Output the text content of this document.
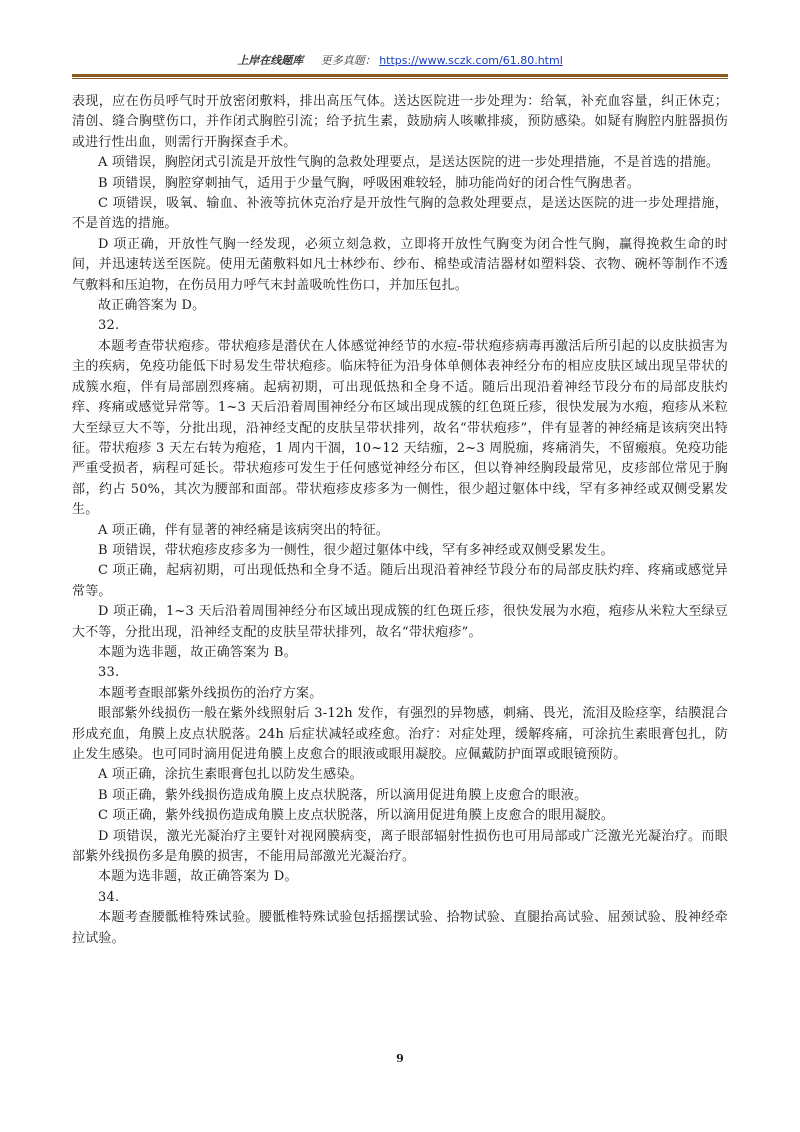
上岸在线题库 更多真题： https://www.sczk.com/61.80.html

表现，应在伤员呼气时开放密闭敷料，排出高压气体。送达医院进一步处理为：给氧，补充血容量，纠正休克；清创、缝合胸壁伤口，并作闭式胸腔引流；给予抗生素，鼓励病人咳嗽排痰，预防感染。如疑有胸腔内脏器损伤或进行性出血，则需行开胸探查手术。

A 项错误，胸腔闭式引流是开放性气胸的急救处理要点，是送达医院的进一步处理措施，不是首选的措施。

B 项错误，胸腔穿刺抽气，适用于少量气胸，呼吸困难较轻，肺功能尚好的闭合性气胸患者。

C 项错误，吸氧、输血、补液等抗休克治疗是开放性气胸的急救处理要点，是送达医院的进一步处理措施，不是首选的措施。

D 项正确，开放性气胸一经发现，必须立刻急救，立即将开放性气胸变为闭合性气胸，赢得挽救生命的时间，并迅速转送至医院。使用无菌敷料如凡士林纱布、纱布、棉垫或清洁器材如塑料袋、衣物、碗杯等制作不透气敷料和压迫物，在伤员用力呼气末封盖吸吮性伤口，并加压包扎。

故正确答案为 D。

32.

本题考查带状疱疹。带状疱疹是潜伏在人体感觉神经节的水痘-带状疱疹病毒再激活后所引起的以皮肤损害为主的疾病，免疫功能低下时易发生带状疱疹。临床特征为沿身体单侧体表神经分布的相应皮肤区域出现呈带状的成簇水疱，伴有局部剧烈疼痛。起病初期，可出现低热和全身不适。随后出现沿着神经节段分布的局部皮肤灼痒、疼痛或感觉异常等。1~3 天后沿着周围神经分布区域出现成簇的红色斑丘疹，很快发展为水疱，疱疹从米粒大至绿豆大不等，分批出现，沿神经支配的皮肤呈带状排列，故名“带状疱疹”，伴有显著的神经痛是该病突出特征。带状疱疹 3 天左右转为疱疮，1 周内干涸，10~12 天结痂，2~3 周脱痂，疼痛消失，不留瘢痕。免疫功能严重受损者，病程可延长。带状疱疹可发生于任何感觉神经分布区，但以脊神经胸段最常见，皮疹部位常见于胸部，约占 50%，其次为腰部和面部。带状疱疹皮疹多为一侧性，很少超过躯体中线，罕有多神经或双侧受累发生。

A 项正确，伴有显著的神经痛是该病突出的特征。

B 项错误，带状疱疹皮疹多为一侧性，很少超过躯体中线，罕有多神经或双侧受累发生。

C 项正确，起病初期，可出现低热和全身不适。随后出现沿着神经节段分布的局部皮肤灼痒、疼痛或感觉异常等。

D 项正确，1~3 天后沿着周围神经分布区域出现成簇的红色斑丘疹，很快发展为水疱，疱疹从米粒大至绿豆大不等，分批出现，沿神经支配的皮肤呈带状排列，故名“带状疱疹”。

本题为选非题，故正确答案为 B。

33.

本题考查眼部紫外线损伤的治疗方案。

眼部紫外线损伤一般在紫外线照射后 3-12h 发作，有强烈的异物感，刺痛、畏光，流泪及睑痉挛，结膜混合形成充血，角膜上皮点状脱落。24h 后症状减轻或痊愈。治疗：对症处理，缓解疼痛，可涂抗生素眼膏包扎，防止发生感染。也可同时滴用促进角膜上皮愈合的眼液或眼用凝胶。应佩戴防护面罩或眼镜预防。

A 项正确，涂抗生素眼膏包扎以防发生感染。

B 项正确，紫外线损伤造成角膜上皮点状脱落，所以滴用促进角膜上皮愈合的眼液。

C 项正确，紫外线损伤造成角膜上皮点状脱落，所以滴用促进角膜上皮愈合的眼用凝胶。

D 项错误，激光光凝治疗主要针对视网膜病变，离子眼部辐射性损伤也可用局部或广泛激光光凝治疗。而眼部紫外线损伤多是角膜的损害，不能用局部激光光凝治疗。

本题为选非题，故正确答案为 D。

34.

本题考查腰骶椎特殊试验。腰骶椎特殊试验包括摇摆试验、拾物试验、直腿抬高试验、屈颈试验、股神经牵拉试验。

9
